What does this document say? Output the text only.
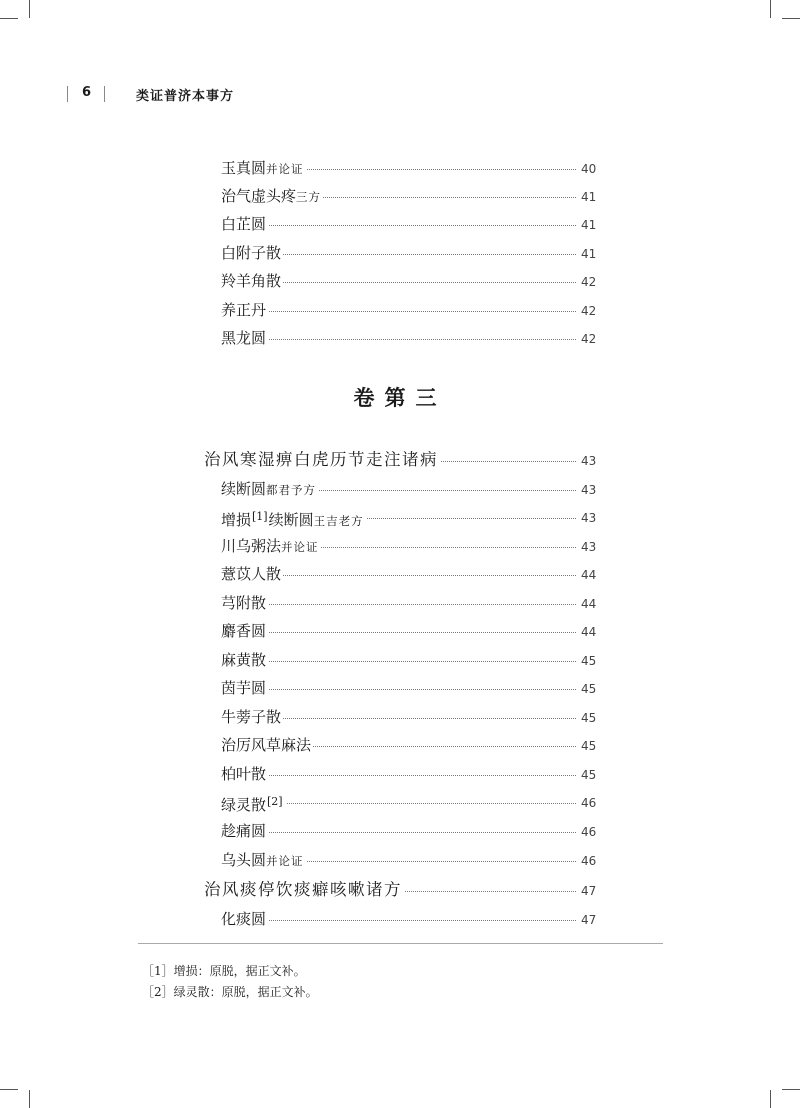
6	类证普济本事方
玉真圆并论证	40
治气虚头疼三方	41
白芷圆	41
白附子散	41
羚羊角散	42
养正丹	42
黑龙圆	42
卷第三
治风寒湿痹白虎历节走注诸病	43
续断圆都君予方	43
增损[1]续断圆王吉老方	43
川乌粥法并论证	43
薏苡人散	44
芎附散	44
麝香圆	44
麻黄散	45
茵芋圆	45
牛蒡子散	45
治厉风草麻法	45
柏叶散	45
绿灵散[2]	46
趁痛圆	46
乌头圆并论证	46
治风痰停饮痰癖咳嗽诸方	47
化痰圆	47
［1］增损：原脱，据正文补。
［2］绿灵散：原脱，据正文补。
